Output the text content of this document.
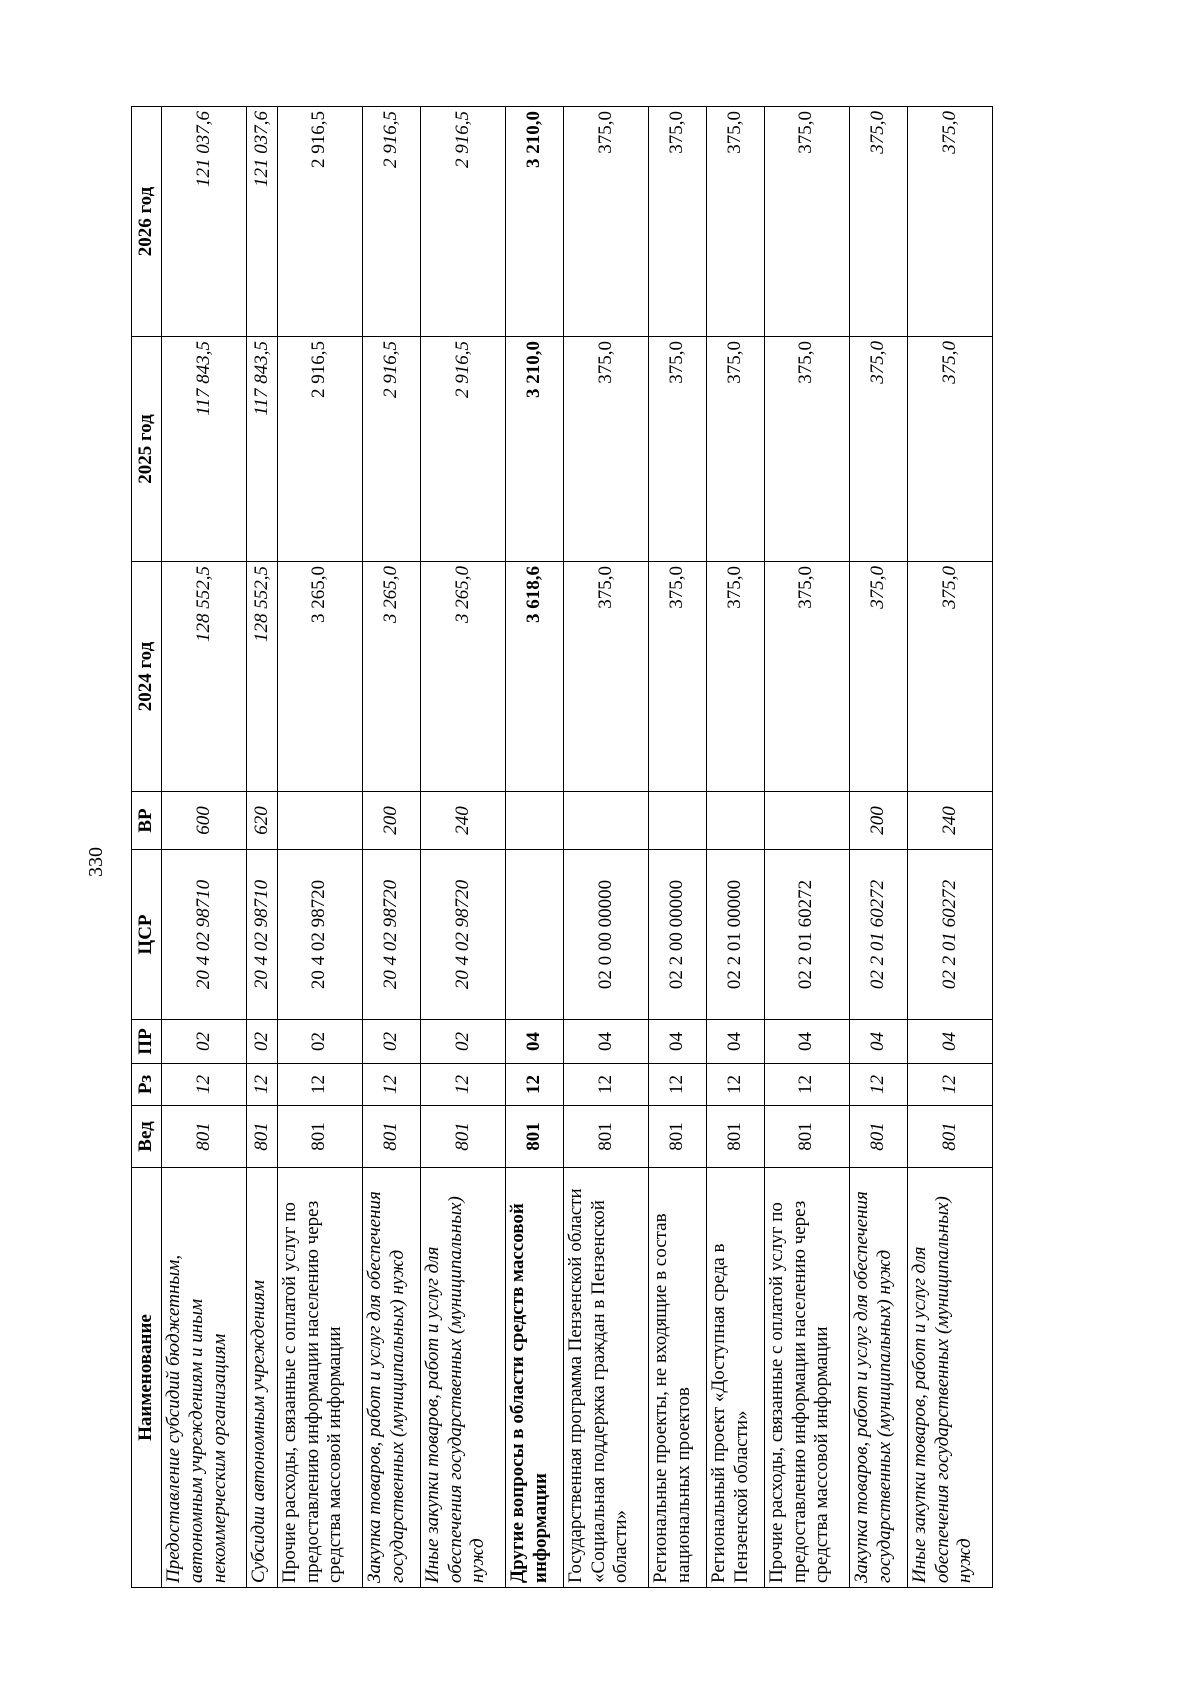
330
Наименование	Вед	Рз	ПР	ЦСР	ВР	2024 год	2025 год	2026 год
Предоставление субсидий бюджетным, автономным учреждениям и иным некоммерческим организациям	801	12	02	20 4 02 98710	600	128 552,5	117 843,5	121 037,6
Субсидии автономным учреждениям	801	12	02	20 4 02 98710	620	128 552,5	117 843,5	121 037,6
Прочие расходы, связанные с оплатой услуг по предоставлению информации населению через средства массовой информации	801	12	02	20 4 02 98720		3 265,0	2 916,5	2 916,5
Закупка товаров, работ и услуг для обеспечения государственных (муниципальных) нужд	801	12	02	20 4 02 98720	200	3 265,0	2 916,5	2 916,5
Иные закупки товаров, работ и услуг для обеспечения государственных (муниципальных) нужд	801	12	02	20 4 02 98720	240	3 265,0	2 916,5	2 916,5
Другие вопросы в области средств массовой информации	801	12	04			3 618,6	3 210,0	3 210,0
Государственная программа Пензенской области «Социальная поддержка граждан в Пензенской области»	801	12	04	02 0 00 00000		375,0	375,0	375,0
Региональные проекты, не входящие в состав национальных проектов	801	12	04	02 2 00 00000		375,0	375,0	375,0
Региональный проект «Доступная среда в Пензенской области»	801	12	04	02 2 01 00000		375,0	375,0	375,0
Прочие расходы, связанные с оплатой услуг по предоставлению информации населению через средства массовой информации	801	12	04	02 2 01 60272		375,0	375,0	375,0
Закупка товаров, работ и услуг для обеспечения государственных (муниципальных) нужд	801	12	04	02 2 01 60272	200	375,0	375,0	375,0
Иные закупки товаров, работ и услуг для обеспечения государственных (муниципальных) нужд	801	12	04	02 2 01 60272	240	375,0	375,0	375,0
